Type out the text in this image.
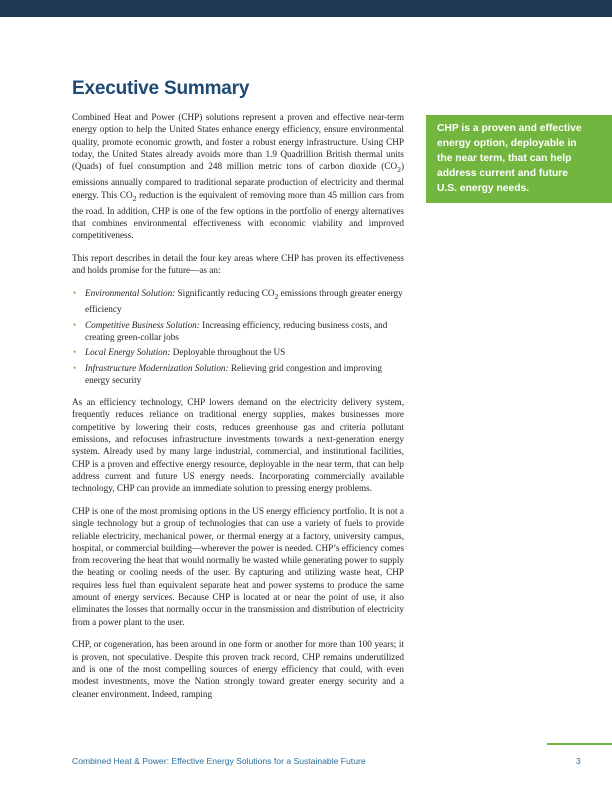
Executive Summary

Combined Heat and Power (CHP) solutions represent a proven and effective near-term energy option to help the United States enhance energy efficiency, ensure environmental quality, promote economic growth, and foster a robust energy infrastructure. Using CHP today, the United States already avoids more than 1.9 Quadrillion British thermal units (Quads) of fuel consumption and 248 million metric tons of carbon dioxide $(CO_2)$ emissions annually compared to traditional separate production of electricity and thermal energy. This $CO_2$ reduction is the equivalent of removing more than 45 million cars from the road. In addition, CHP is one of the few options in the portfolio of energy alternatives that combines environmental effectiveness with economic viability and improved competitiveness.

This report describes in detail the four key areas where CHP has proven its effectiveness and holds promise for the future—as an:

• Environmental Solution: Significantly reducing $CO_2$ emissions through greater energy efficiency
• Competitive Business Solution: Increasing efficiency, reducing business costs, and creating green-collar jobs
• Local Energy Solution: Deployable throughout the US
• Infrastructure Modernization Solution: Relieving grid congestion and improving energy security

As an efficiency technology, CHP lowers demand on the electricity delivery system, frequently reduces reliance on traditional energy supplies, makes businesses more competitive by lowering their costs, reduces greenhouse gas and criteria pollutant emissions, and refocuses infrastructure investments towards a next-generation energy system. Already used by many large industrial, commercial, and institutional facilities, CHP is a proven and effective energy resource, deployable in the near term, that can help address current and future US energy needs. Incorporating commercially available technology, CHP can provide an immediate solution to pressing energy problems.

CHP is one of the most promising options in the US energy efficiency portfolio. It is not a single technology but a group of technologies that can use a variety of fuels to provide reliable electricity, mechanical power, or thermal energy at a factory, university campus, hospital, or commercial building—wherever the power is needed. CHP’s efficiency comes from recovering the heat that would normally be wasted while generating power to supply the heating or cooling needs of the user. By capturing and utilizing waste heat, CHP requires less fuel than equivalent separate heat and power systems to produce the same amount of energy services. Because CHP is located at or near the point of use, it also eliminates the losses that normally occur in the transmission and distribution of electricity from a power plant to the user.

CHP, or cogeneration, has been around in one form or another for more than 100 years; it is proven, not speculative. Despite this proven track record, CHP remains underutilized and is one of the most compelling sources of energy efficiency that could, with even modest investments, move the Nation strongly toward greater energy security and a cleaner environment. Indeed, ramping

CHP is a proven and effective
energy option, deployable in
the near term, that can help
address current and future
U.S. energy needs.
Combined Heat & Power: Effective Energy Solutions for a Sustainable Future	3
